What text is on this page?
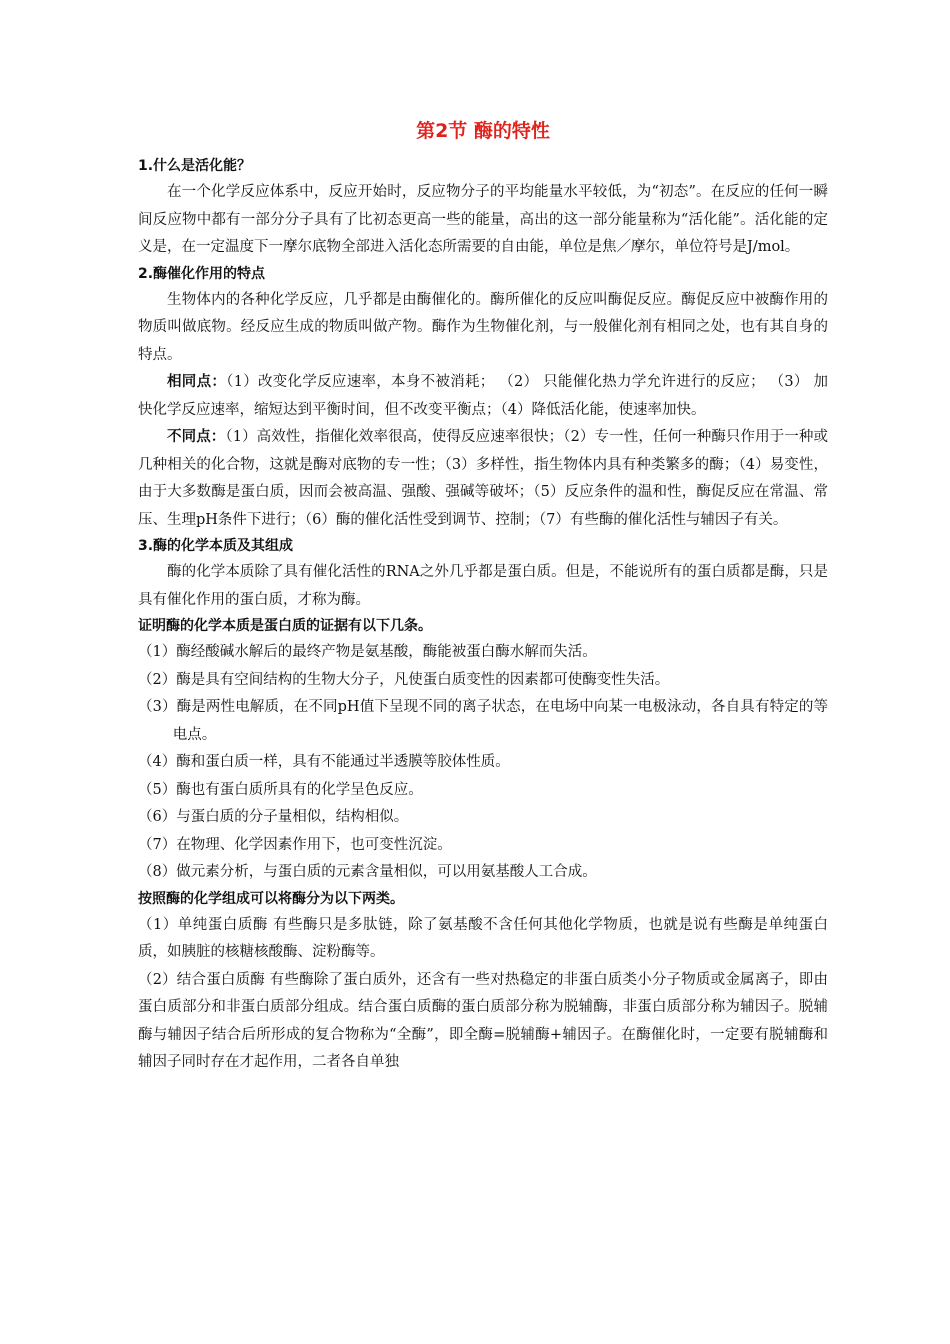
第2节 酶的特性
1.什么是活化能？

在一个化学反应体系中，反应开始时，反应物分子的平均能量水平较低，为“初态”。在反应的任何一瞬间反应物中都有一部分分子具有了比初态更高一些的能量，高出的这一部分能量称为“活化能”。活化能的定义是，在一定温度下一摩尔底物全部进入活化态所需要的自由能，单位是焦／摩尔，单位符号是J/mol。

2.酶催化作用的特点

生物体内的各种化学反应，几乎都是由酶催化的。酶所催化的反应叫酶促反应。酶促反应中被酶作用的物质叫做底物。经反应生成的物质叫做产物。酶作为生物催化剂，与一般催化剂有相同之处，也有其自身的特点。

相同点：（1）改变化学反应速率，本身不被消耗； （2） 只能催化热力学允许进行的反应； （3） 加快化学反应速率，缩短达到平衡时间，但不改变平衡点；（4）降低活化能，使速率加快。

不同点：（1）高效性，指催化效率很高，使得反应速率很快；（2）专一性，任何一种酶只作用于一种或几种相关的化合物，这就是酶对底物的专一性；（3）多样性，指生物体内具有种类繁多的酶；（4）易变性，由于大多数酶是蛋白质，因而会被高温、强酸、强碱等破坏；（5）反应条件的温和性，酶促反应在常温、常压、生理pH条件下进行；（6）酶的催化活性受到调节、控制；（7）有些酶的催化活性与辅因子有关。

3.酶的化学本质及其组成

酶的化学本质除了具有催化活性的RNA之外几乎都是蛋白质。但是，不能说所有的蛋白质都是酶，只是具有催化作用的蛋白质，才称为酶。

证明酶的化学本质是蛋白质的证据有以下几条。

（1）酶经酸碱水解后的最终产物是氨基酸，酶能被蛋白酶水解而失活。

（2）酶是具有空间结构的生物大分子，凡使蛋白质变性的因素都可使酶变性失活。

（3）酶是两性电解质，在不同pH值下呈现不同的离子状态，在电场中向某一电极泳动，各自具有特定的等电点。

（4）酶和蛋白质一样，具有不能通过半透膜等胶体性质。

（5）酶也有蛋白质所具有的化学呈色反应。

（6）与蛋白质的分子量相似，结构相似。

（7）在物理、化学因素作用下，也可变性沉淀。

（8）做元素分析，与蛋白质的元素含量相似，可以用氨基酸人工合成。

按照酶的化学组成可以将酶分为以下两类。

（1）单纯蛋白质酶 有些酶只是多肽链，除了氨基酸不含任何其他化学物质，也就是说有些酶是单纯蛋白质，如胰脏的核糖核酸酶、淀粉酶等。

（2）结合蛋白质酶 有些酶除了蛋白质外，还含有一些对热稳定的非蛋白质类小分子物质或金属离子，即由蛋白质部分和非蛋白质部分组成。结合蛋白质酶的蛋白质部分称为脱辅酶，非蛋白质部分称为辅因子。脱辅酶与辅因子结合后所形成的复合物称为“全酶”，即全酶=脱辅酶+辅因子。在酶催化时，一定要有脱辅酶和辅因子同时存在才起作用，二者各自单独
